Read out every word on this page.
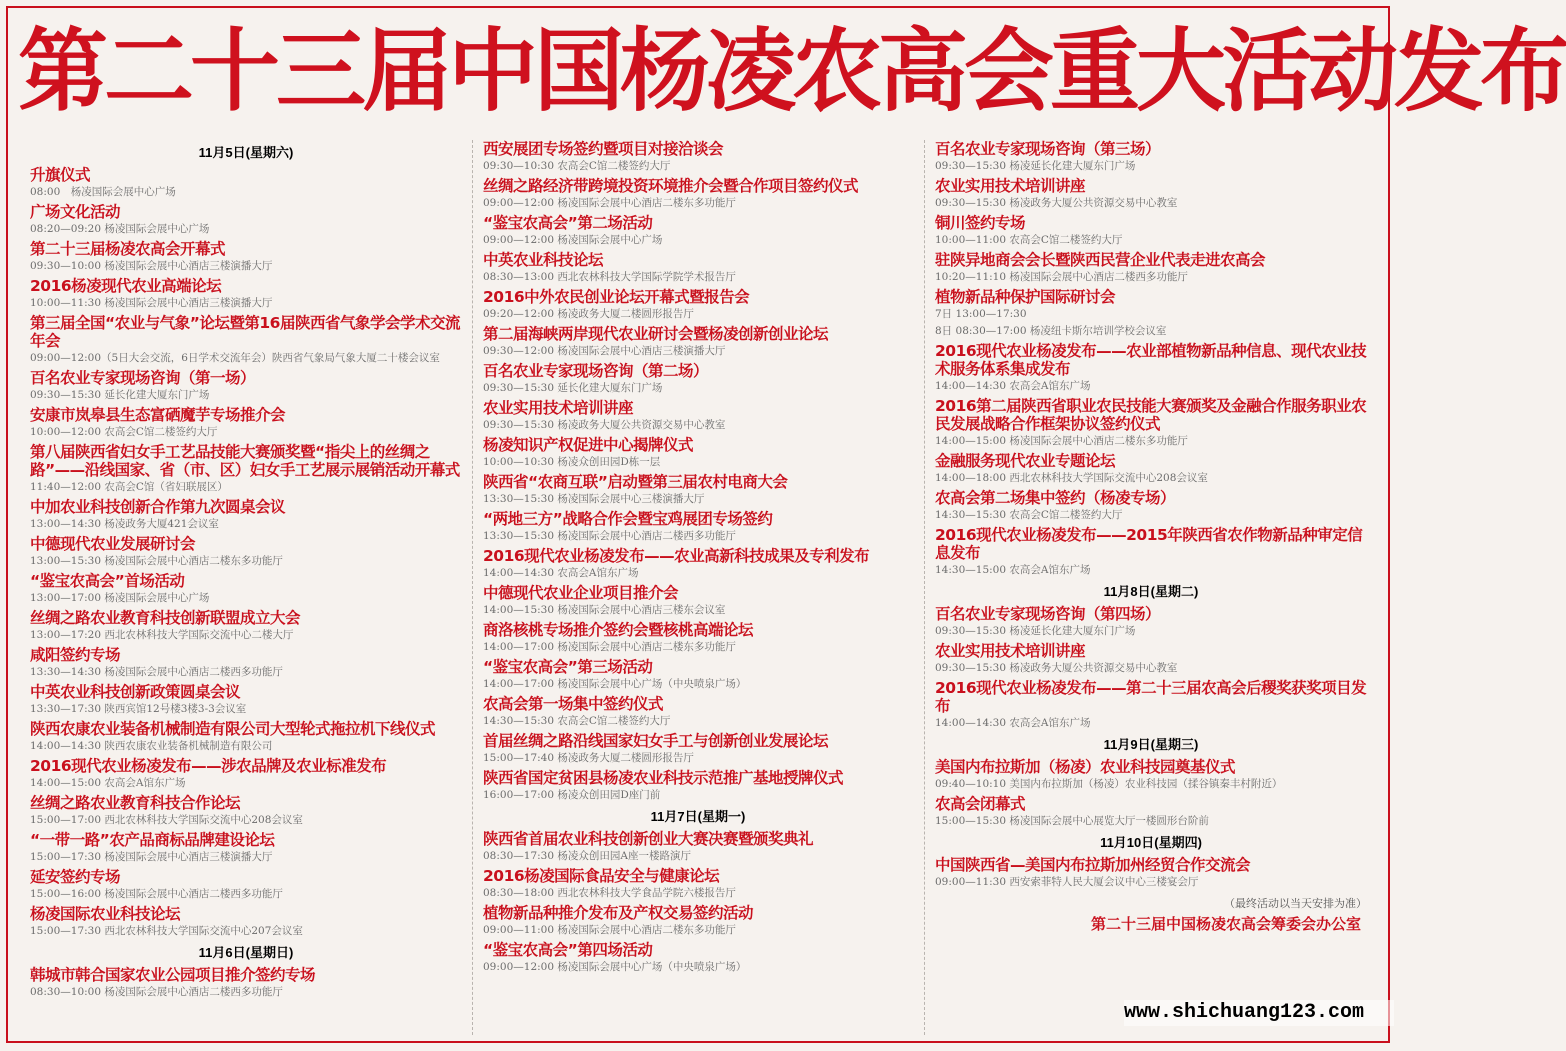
第二十三届中国杨凌农高会重大活动发布
11月5日(星期六)
升旗仪式
08:00　杨凌国际会展中心广场
广场文化活动
08:20—09:20 杨凌国际会展中心广场
第二十三届杨凌农高会开幕式
09:30—10:00 杨凌国际会展中心酒店三楼演播大厅
2016杨凌现代农业高端论坛
10:00—11:30 杨凌国际会展中心酒店三楼演播大厅
第三届全国“农业与气象”论坛暨第16届陕西省气象学会学术交流年会
09:00—12:00（5日大会交流，6日学术交流年会）陕西省气象局气象大厦二十楼会议室
百名农业专家现场咨询（第一场）
09:30—15:30 延长化建大厦东门广场
安康市岚皋县生态富硒魔芋专场推介会
10:00—12:00 农高会C馆二楼签约大厅
第八届陕西省妇女手工艺品技能大赛颁奖暨“指尖上的丝绸之路”——沿线国家、省（市、区）妇女手工艺展示展销活动开幕式
11:40—12:00 农高会C馆（省妇联展区）
中加农业科技创新合作第九次圆桌会议
13:00—14:30 杨凌政务大厦421会议室
中德现代农业发展研讨会
13:00—15:30 杨凌国际会展中心酒店二楼东多功能厅
“鉴宝农高会”首场活动
13:00—17:00 杨凌国际会展中心广场
丝绸之路农业教育科技创新联盟成立大会
13:00—17:20 西北农林科技大学国际交流中心二楼大厅
咸阳签约专场
13:30—14:30 杨凌国际会展中心酒店二楼西多功能厅
中英农业科技创新政策圆桌会议
13:30—17:30 陕西宾馆12号楼3楼3-3会议室
陕西农康农业装备机械制造有限公司大型轮式拖拉机下线仪式
14:00—14:30 陕西农康农业装备机械制造有限公司
2016现代农业杨凌发布——涉农品牌及农业标准发布
14:00—15:00 农高会A馆东广场
丝绸之路农业教育科技合作论坛
15:00—17:00 西北农林科技大学国际交流中心208会议室
“一带一路”农产品商标品牌建设论坛
15:00—17:30 杨凌国际会展中心酒店三楼演播大厅
延安签约专场
15:00—16:00 杨凌国际会展中心酒店二楼西多功能厅
杨凌国际农业科技论坛
15:00—17:30 西北农林科技大学国际交流中心207会议室
11月6日(星期日)
韩城市韩合国家农业公园项目推介签约专场
08:30—10:00 杨凌国际会展中心酒店二楼西多功能厅
西安展团专场签约暨项目对接洽谈会
09:30—10:30 农高会C馆二楼签约大厅
丝绸之路经济带跨境投资环境推介会暨合作项目签约仪式
09:00—12:00 杨凌国际会展中心酒店二楼东多功能厅
“鉴宝农高会”第二场活动
09:00—12:00 杨凌国际会展中心广场
中英农业科技论坛
08:30—13:00 西北农林科技大学国际学院学术报告厅
2016中外农民创业论坛开幕式暨报告会
09:20—12:00 杨凌政务大厦二楼圆形报告厅
第二届海峡两岸现代农业研讨会暨杨凌创新创业论坛
09:30—12:00 杨凌国际会展中心酒店三楼演播大厅
百名农业专家现场咨询（第二场）
09:30—15:30 延长化建大厦东门广场
农业实用技术培训讲座
09:30—15:30 杨凌政务大厦公共资源交易中心教室
杨凌知识产权促进中心揭牌仪式
10:00—10:30 杨凌众创田园D栋一层
陕西省“农商互联”启动暨第三届农村电商大会
13:30—15:30 杨凌国际会展中心三楼演播大厅
“两地三方”战略合作会暨宝鸡展团专场签约
13:30—15:30 杨凌国际会展中心酒店二楼西多功能厅
2016现代农业杨凌发布——农业高新科技成果及专利发布
14:00—14:30 农高会A馆东广场
中德现代农业企业项目推介会
14:00—15:30 杨凌国际会展中心酒店三楼东会议室
商洛核桃专场推介签约会暨核桃高端论坛
14:00—17:00 杨凌国际会展中心酒店二楼东多功能厅
“鉴宝农高会”第三场活动
14:00—17:00 杨凌国际会展中心广场（中央喷泉广场）
农高会第一场集中签约仪式
14:30—15:30 农高会C馆二楼签约大厅
首届丝绸之路沿线国家妇女手工与创新创业发展论坛
15:00—17:40 杨凌政务大厦二楼圆形报告厅
陕西省国定贫困县杨凌农业科技示范推广基地授牌仪式
16:00—17:00 杨凌众创田园D座门前
11月7日(星期一)
陕西省首届农业科技创新创业大赛决赛暨颁奖典礼
08:30—17:30 杨凌众创田园A座一楼路演厅
2016杨凌国际食品安全与健康论坛
08:30—18:00 西北农林科技大学食品学院六楼报告厅
植物新品种推介发布及产权交易签约活动
09:00—11:00 杨凌国际会展中心酒店二楼东多功能厅
“鉴宝农高会”第四场活动
09:00—12:00 杨凌国际会展中心广场（中央喷泉广场）
百名农业专家现场咨询（第三场）
09:30—15:30 杨凌延长化建大厦东门广场
农业实用技术培训讲座
09:30—15:30 杨凌政务大厦公共资源交易中心教室
铜川签约专场
10:00—11:00 农高会C馆二楼签约大厅
驻陕异地商会会长暨陕西民营企业代表走进农高会
10:20—11:10 杨凌国际会展中心酒店二楼西多功能厅
植物新品种保护国际研讨会
7日 13:00—17:30
8日 08:30—17:00 杨凌纽卡斯尔培训学校会议室
2016现代农业杨凌发布——农业部植物新品种信息、现代农业技术服务体系集成发布
14:00—14:30 农高会A馆东广场
2016第二届陕西省职业农民技能大赛颁奖及金融合作服务职业农民发展战略合作框架协议签约仪式
14:00—15:00 杨凌国际会展中心酒店二楼东多功能厅
金融服务现代农业专题论坛
14:00—18:00 西北农林科技大学国际交流中心208会议室
农高会第二场集中签约（杨凌专场）
14:30—15:30 农高会C馆二楼签约大厅
2016现代农业杨凌发布——2015年陕西省农作物新品种审定信息发布
14:30—15:00 农高会A馆东广场
11月8日(星期二)
百名农业专家现场咨询（第四场）
09:30—15:30 杨凌延长化建大厦东门广场
农业实用技术培训讲座
09:30—15:30 杨凌政务大厦公共资源交易中心教室
2016现代农业杨凌发布——第二十三届农高会后稷奖获奖项目发布
14:00—14:30 农高会A馆东广场
11月9日(星期三)
美国内布拉斯加（杨凌）农业科技园奠基仪式
09:40—10:10 美国内布拉斯加（杨凌）农业科技园（揉谷镇秦丰村附近）
农高会闭幕式
15:00—15:30 杨凌国际会展中心展览大厅一楼圆形台阶前
11月10日(星期四)
中国陕西省—美国内布拉斯加州经贸合作交流会
09:00—11:30 西安索菲特人民大厦会议中心三楼宴会厅
（最终活动以当天安排为准）
第二十三届中国杨凌农高会筹委会办公室
www.shichuang123.com
